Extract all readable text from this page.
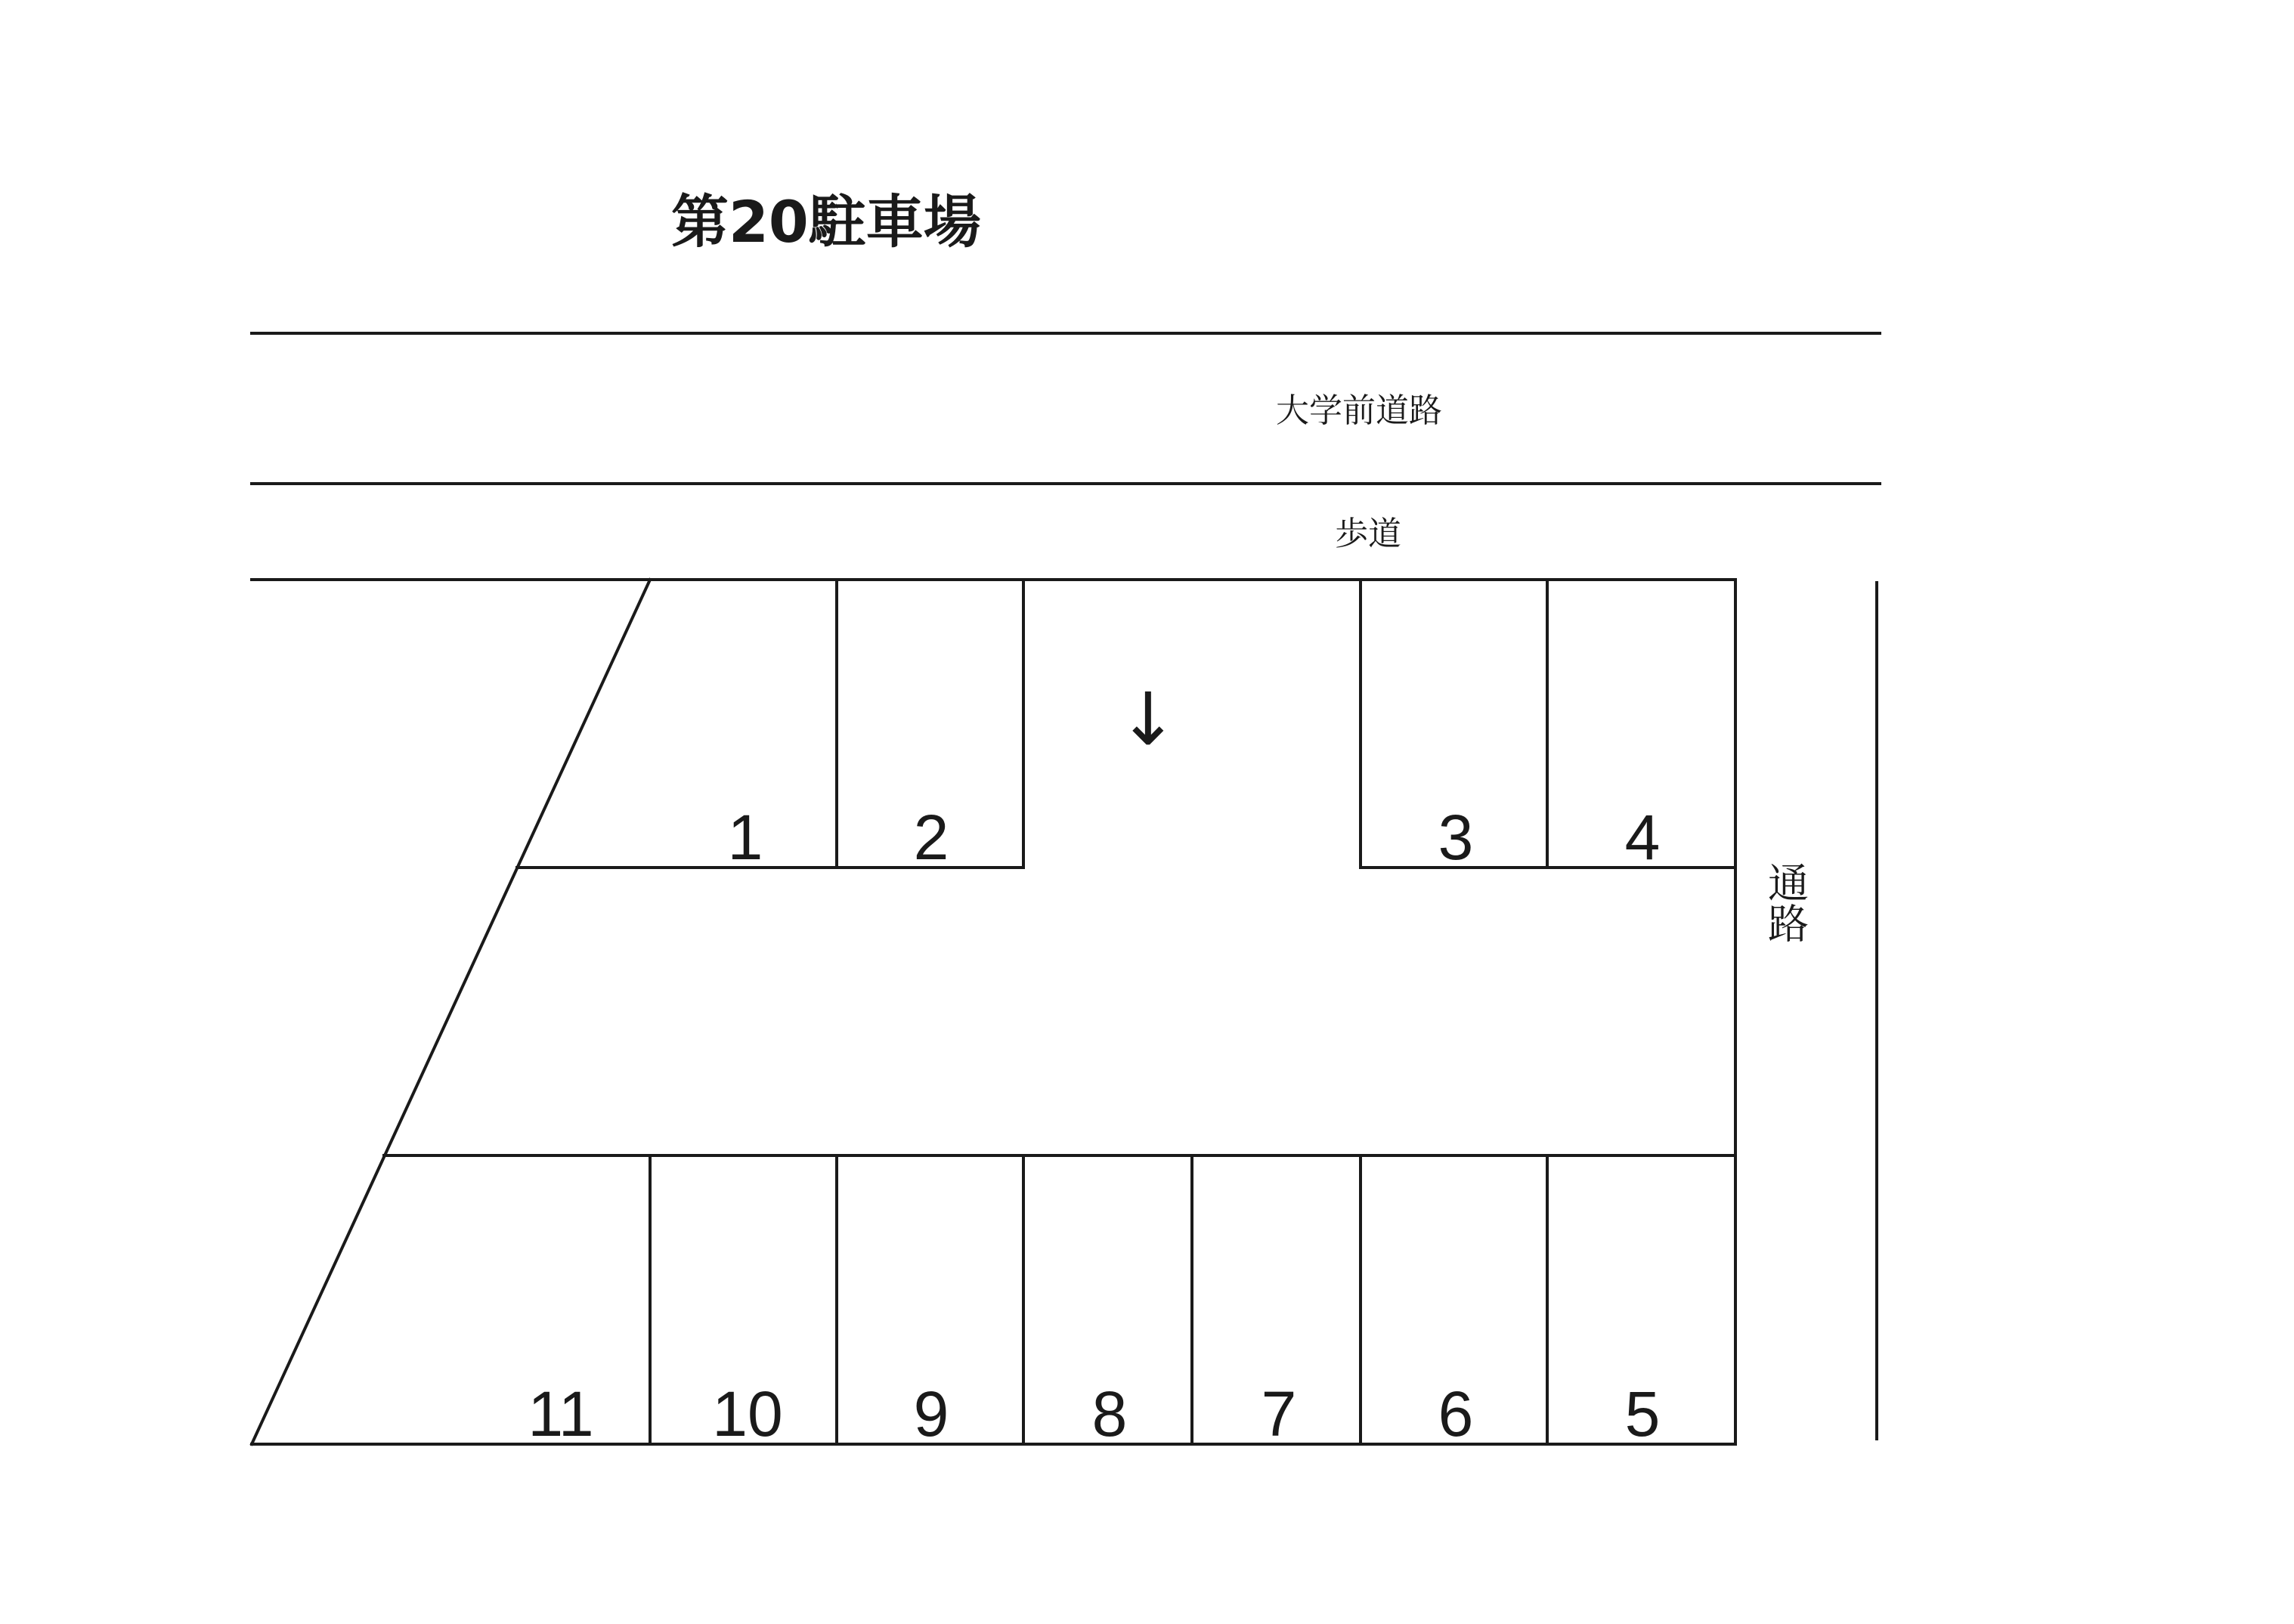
第20駐車場
大学前道路
歩道
通路
↓
1 2	3 4
11 10 9 8 7 6 5
